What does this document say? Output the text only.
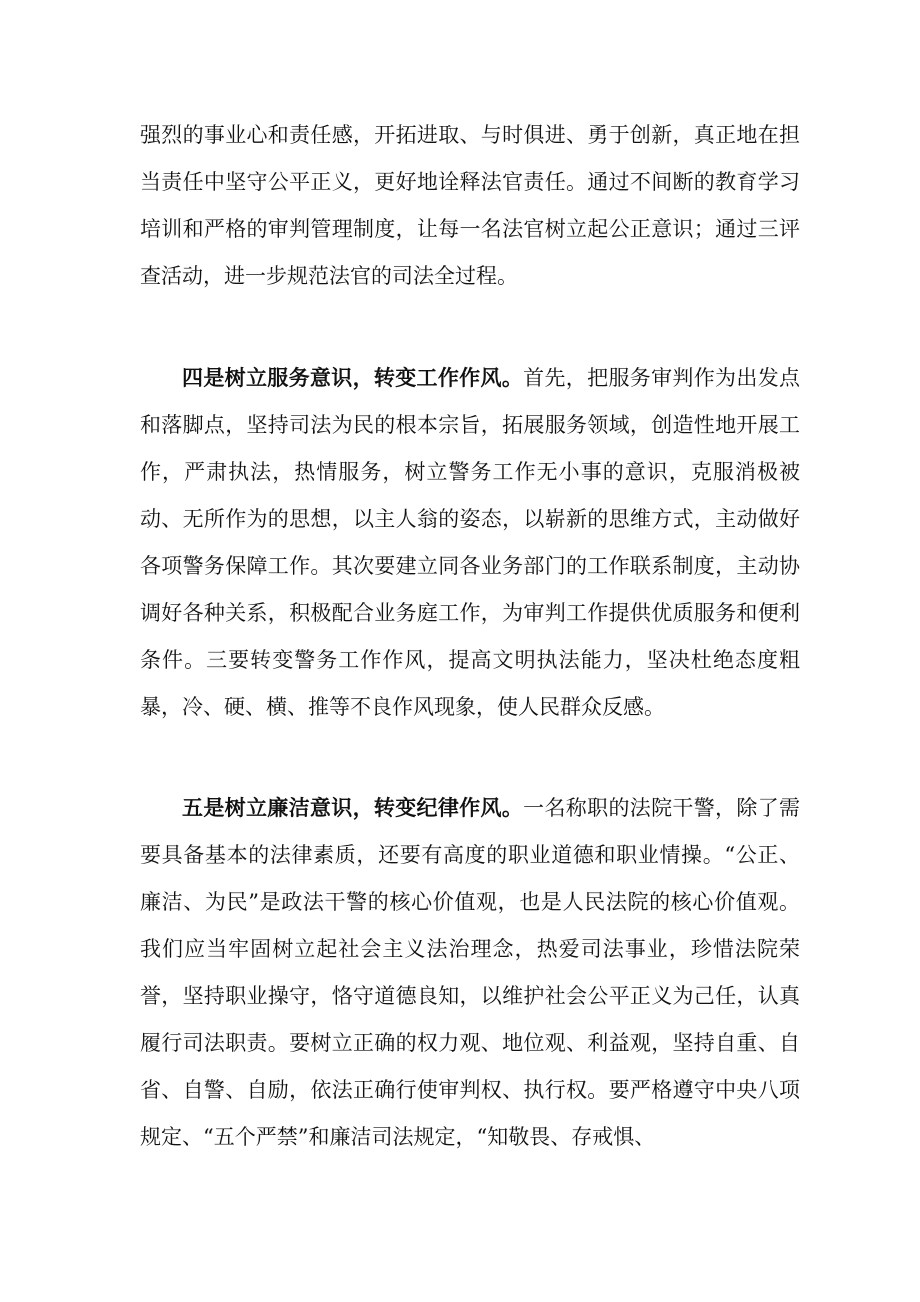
强烈的事业心和责任感，开拓进取、与时俱进、勇于创新，真正地在担当责任中坚守公平正义，更好地诠释法官责任。通过不间断的教育学习培训和严格的审判管理制度，让每一名法官树立起公正意识；通过三评查活动，进一步规范法官的司法全过程。

四是树立服务意识，转变工作作风。首先，把服务审判作为出发点和落脚点，坚持司法为民的根本宗旨，拓展服务领域，创造性地开展工作，严肃执法，热情服务，树立警务工作无小事的意识，克服消极被动、无所作为的思想，以主人翁的姿态，以崭新的思维方式，主动做好各项警务保障工作。其次要建立同各业务部门的工作联系制度，主动协调好各种关系，积极配合业务庭工作，为审判工作提供优质服务和便利条件。三要转变警务工作作风，提高文明执法能力，坚决杜绝态度粗暴，冷、硬、横、推等不良作风现象，使人民群众反感。

五是树立廉洁意识，转变纪律作风。一名称职的法院干警，除了需要具备基本的法律素质，还要有高度的职业道德和职业情操。“公正、廉洁、为民”是政法干警的核心价值观，也是人民法院的核心价值观。我们应当牢固树立起社会主义法治理念，热爱司法事业，珍惜法院荣誉，坚持职业操守，恪守道德良知，以维护社会公平正义为己任，认真履行司法职责。要树立正确的权力观、地位观、利益观，坚持自重、自省、自警、自励，依法正确行使审判权、执行权。要严格遵守中央八项规定、“五个严禁”和廉洁司法规定，“知敬畏、存戒惧、
